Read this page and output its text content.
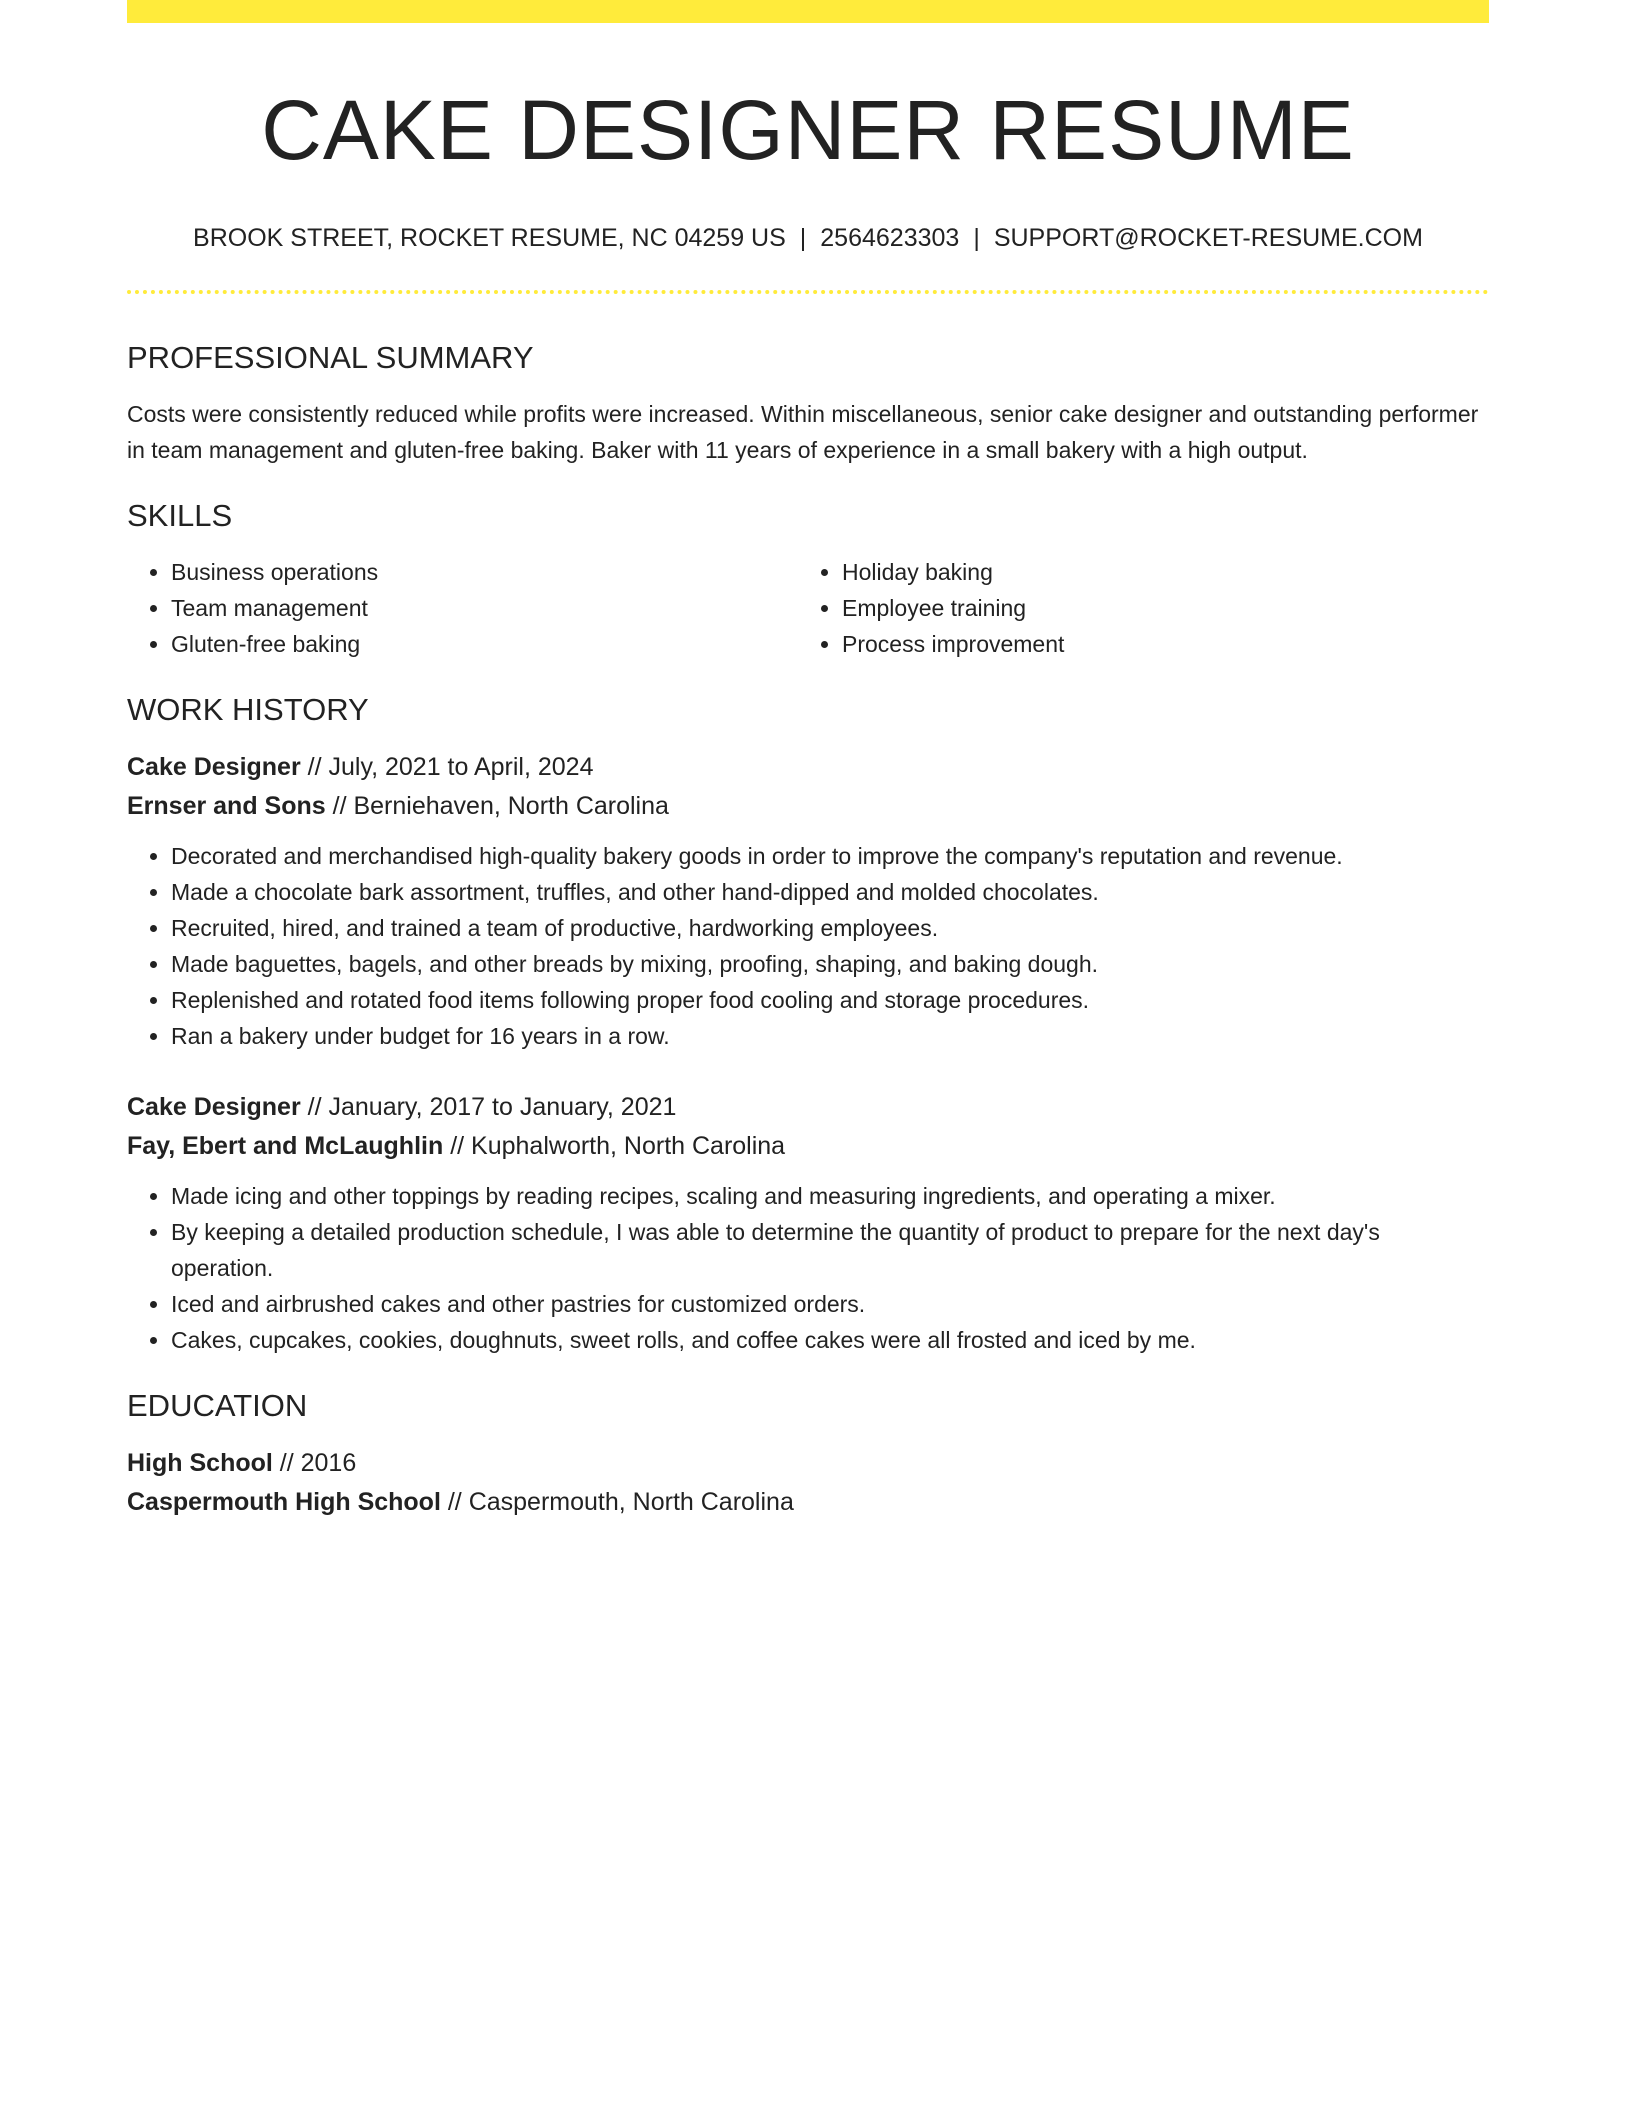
CAKE DESIGNER RESUME
BROOK STREET, ROCKET RESUME, NC 04259 US | 2564623303 | SUPPORT@ROCKET-RESUME.COM
PROFESSIONAL SUMMARY
Costs were consistently reduced while profits were increased. Within miscellaneous, senior cake designer and outstanding performer in team management and gluten-free baking. Baker with 11 years of experience in a small bakery with a high output.
SKILLS
• Business operations
• Team management
• Gluten-free baking
• Holiday baking
• Employee training
• Process improvement
WORK HISTORY
Cake Designer // July, 2021 to April, 2024
Ernser and Sons // Berniehaven, North Carolina
• Decorated and merchandised high-quality bakery goods in order to improve the company's reputation and revenue.
• Made a chocolate bark assortment, truffles, and other hand-dipped and molded chocolates.
• Recruited, hired, and trained a team of productive, hardworking employees.
• Made baguettes, bagels, and other breads by mixing, proofing, shaping, and baking dough.
• Replenished and rotated food items following proper food cooling and storage procedures.
• Ran a bakery under budget for 16 years in a row.
Cake Designer // January, 2017 to January, 2021
Fay, Ebert and McLaughlin // Kuphalworth, North Carolina
• Made icing and other toppings by reading recipes, scaling and measuring ingredients, and operating a mixer.
• By keeping a detailed production schedule, I was able to determine the quantity of product to prepare for the next day's operation.
• Iced and airbrushed cakes and other pastries for customized orders.
• Cakes, cupcakes, cookies, doughnuts, sweet rolls, and coffee cakes were all frosted and iced by me.
EDUCATION
High School // 2016
Caspermouth High School // Caspermouth, North Carolina
